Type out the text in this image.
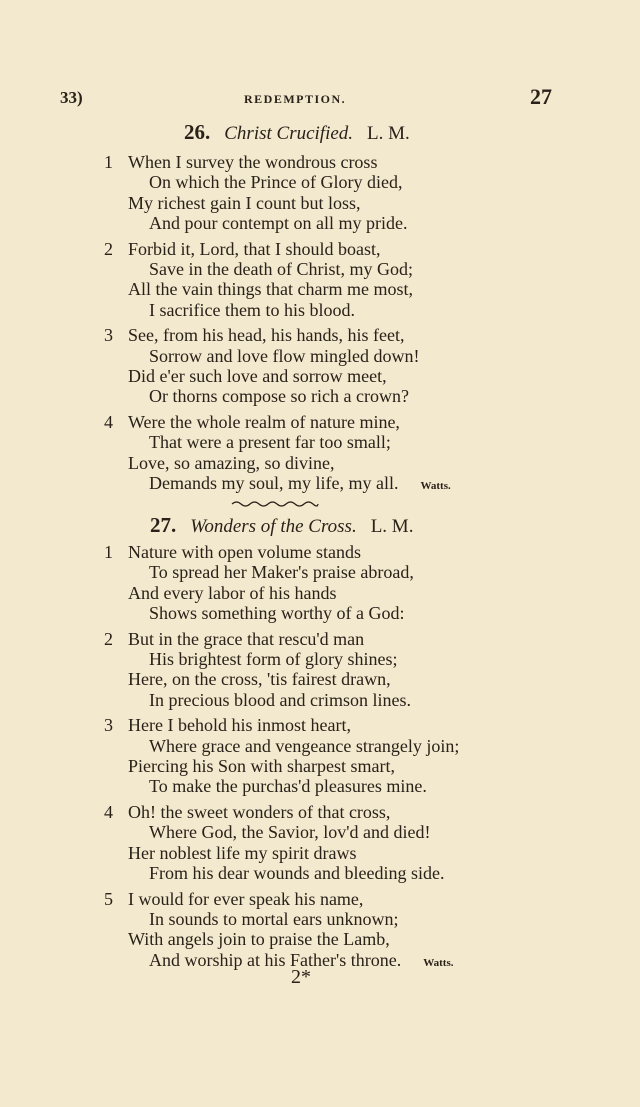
33)	REDEMPTION.	27
26. Christ Crucified. L. M.
1 When I survey the wondrous cross
On which the Prince of Glory died,
My richest gain I count but loss,
And pour contempt on all my pride.
2 Forbid it, Lord, that I should boast,
Save in the death of Christ, my God;
All the vain things that charm me most,
I sacrifice them to his blood.
3 See, from his head, his hands, his feet,
Sorrow and love flow mingled down!
Did e'er such love and sorrow meet,
Or thorns compose so rich a crown?
4 Were the whole realm of nature mine,
That were a present far too small;
Love, so amazing, so divine,
Demands my soul, my life, my all. Watts.
27. Wonders of the Cross. L. M.
1 Nature with open volume stands
To spread her Maker's praise abroad,
And every labor of his hands
Shows something worthy of a God:
2 But in the grace that rescu'd man
His brightest form of glory shines;
Here, on the cross, 'tis fairest drawn,
In precious blood and crimson lines.
3 Here I behold his inmost heart,
Where grace and vengeance strangely join;
Piercing his Son with sharpest smart,
To make the purchas'd pleasures mine.
4 Oh! the sweet wonders of that cross,
Where God, the Savior, lov'd and died!
Her noblest life my spirit draws
From his dear wounds and bleeding side.
5 I would for ever speak his name,
In sounds to mortal ears unknown;
With angels join to praise the Lamb,
And worship at his Father's throne. Watts.
2*
